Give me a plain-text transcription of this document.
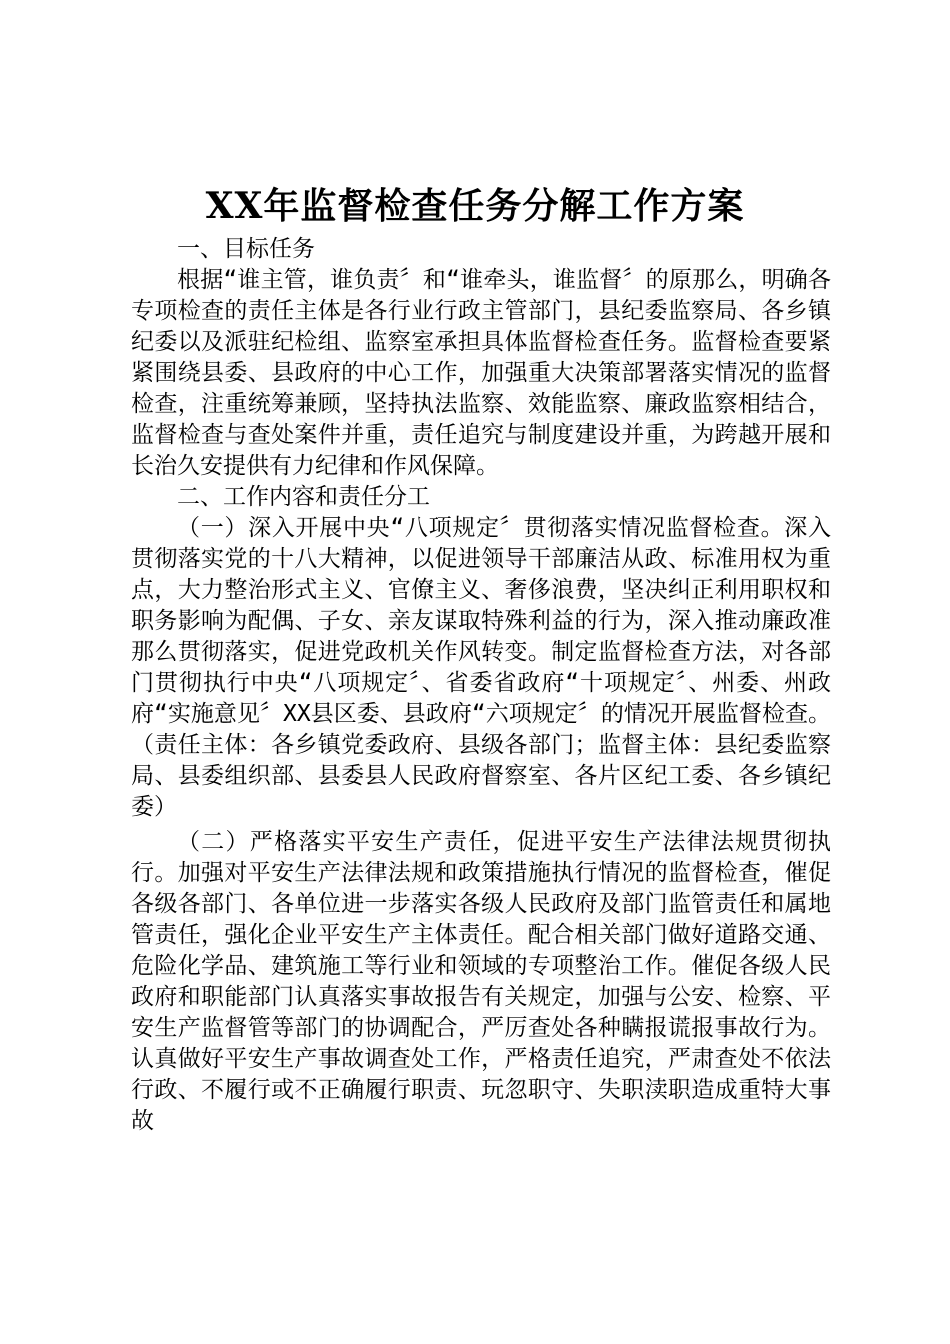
XX年监督检查任务分解工作方案

一、目标任务

根据“谁主管，谁负责〞和“谁牵头，谁监督〞的原那么，明确各专项检查的责任主体是各行业行政主管部门，县纪委监察局、各乡镇纪委以及派驻纪检组、监察室承担具体监督检查任务。监督检查要紧紧围绕县委、县政府的中心工作，加强重大决策部署落实情况的监督检查，注重统筹兼顾，坚持执法监察、效能监察、廉政监察相结合，监督检查与查处案件并重，责任追究与制度建设并重，为跨越开展和长治久安提供有力纪律和作风保障。

二、工作内容和责任分工

（一）深入开展中央“八项规定〞贯彻落实情况监督检查。深入贯彻落实党的十八大精神，以促进领导干部廉洁从政、标准用权为重点，大力整治形式主义、官僚主义、奢侈浪费，坚决纠正利用职权和职务影响为配偶、子女、亲友谋取特殊利益的行为，深入推动廉政准那么贯彻落实，促进党政机关作风转变。制定监督检查方法，对各部门贯彻执行中央“八项规定〞、省委省政府“十项规定〞、州委、州政府“实施意见〞XX县区委、县政府“六项规定〞的情况开展监督检查。（责任主体：各乡镇党委政府、县级各部门；监督主体：县纪委监察局、县委组织部、县委县人民政府督察室、各片区纪工委、各乡镇纪委）

（二）严格落实平安生产责任，促进平安生产法律法规贯彻执行。加强对平安生产法律法规和政策措施执行情况的监督检查，催促各级各部门、各单位进一步落实各级人民政府及部门监管责任和属地管责任，强化企业平安生产主体责任。配合相关部门做好道路交通、危险化学品、建筑施工等行业和领域的专项整治工作。催促各级人民政府和职能部门认真落实事故报告有关规定，加强与公安、检察、平安生产监督管等部门的协调配合，严厉查处各种瞒报谎报事故行为。认真做好平安生产事故调查处工作，严格责任追究，严肃查处不依法行政、不履行或不正确履行职责、玩忽职守、失职渎职造成重特大事故
